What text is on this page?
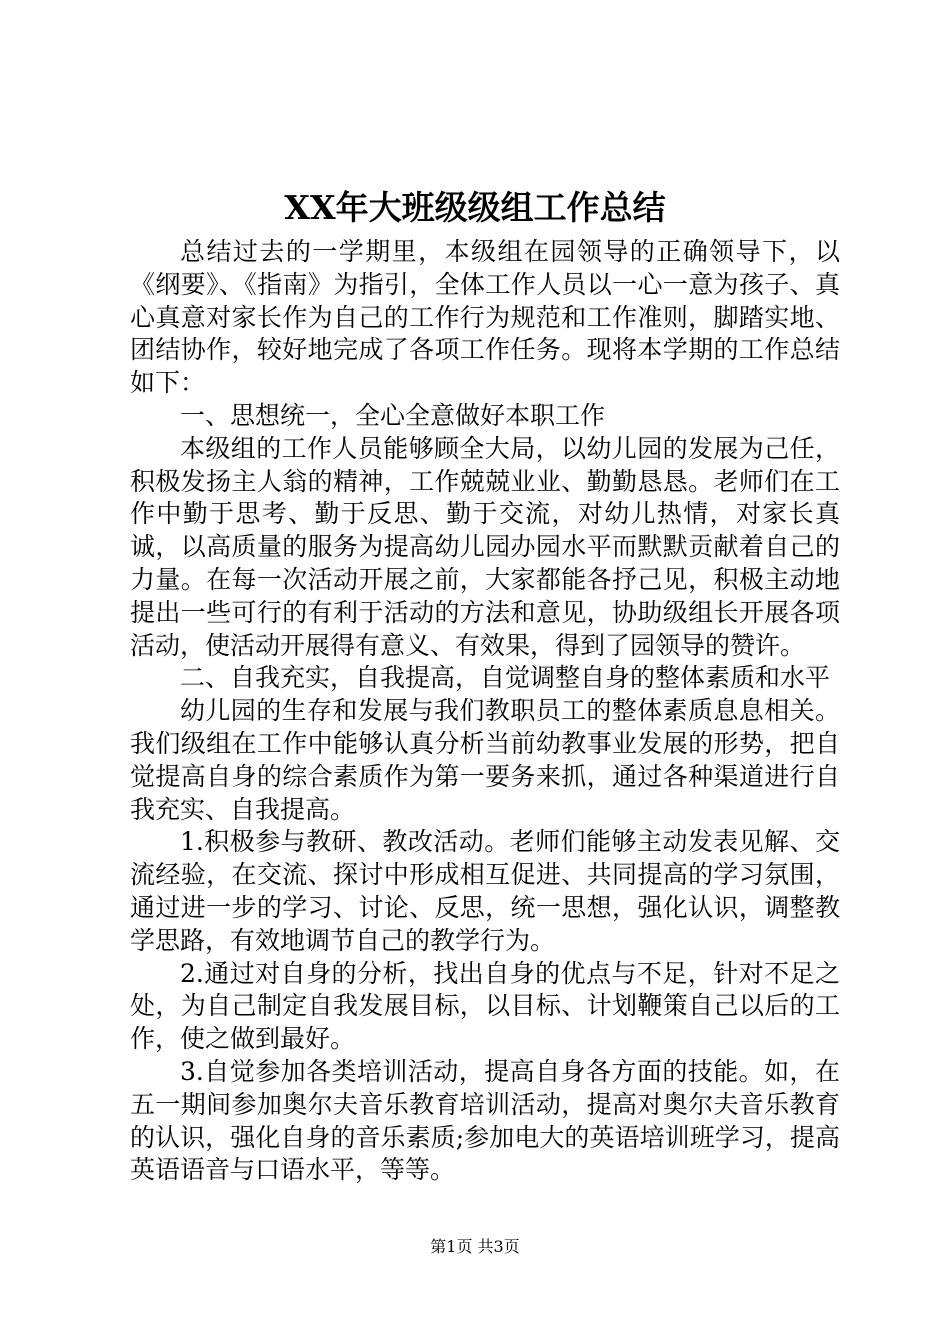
XX年大班级级组工作总结

总结过去的一学期里，本级组在园领导的正确领导下，以《纲要》、《指南》为指引，全体工作人员以一心一意为孩子、真心真意对家长作为自己的工作行为规范和工作准则，脚踏实地、团结协作，较好地完成了各项工作任务。现将本学期的工作总结如下：

一、思想统一，全心全意做好本职工作

本级组的工作人员能够顾全大局，以幼儿园的发展为己任，积极发扬主人翁的精神，工作兢兢业业、勤勤恳恳。老师们在工作中勤于思考、勤于反思、勤于交流，对幼儿热情，对家长真诚，以高质量的服务为提高幼儿园办园水平而默默贡献着自己的力量。在每一次活动开展之前，大家都能各抒己见，积极主动地提出一些可行的有利于活动的方法和意见，协助级组长开展各项活动，使活动开展得有意义、有效果，得到了园领导的赞许。

二、自我充实，自我提高，自觉调整自身的整体素质和水平

幼儿园的生存和发展与我们教职员工的整体素质息息相关。我们级组在工作中能够认真分析当前幼教事业发展的形势，把自觉提高自身的综合素质作为第一要务来抓，通过各种渠道进行自我充实、自我提高。

1.积极参与教研、教改活动。老师们能够主动发表见解、交流经验，在交流、探讨中形成相互促进、共同提高的学习氛围，通过进一步的学习、讨论、反思，统一思想，强化认识，调整教学思路，有效地调节自己的教学行为。

2.通过对自身的分析，找出自身的优点与不足，针对不足之处，为自己制定自我发展目标，以目标、计划鞭策自己以后的工作，使之做到最好。

3.自觉参加各类培训活动，提高自身各方面的技能。如，在五一期间参加奥尔夫音乐教育培训活动，提高对奥尔夫音乐教育的认识，强化自身的音乐素质;参加电大的英语培训班学习，提高英语语音与口语水平，等等。

第1页 共3页
